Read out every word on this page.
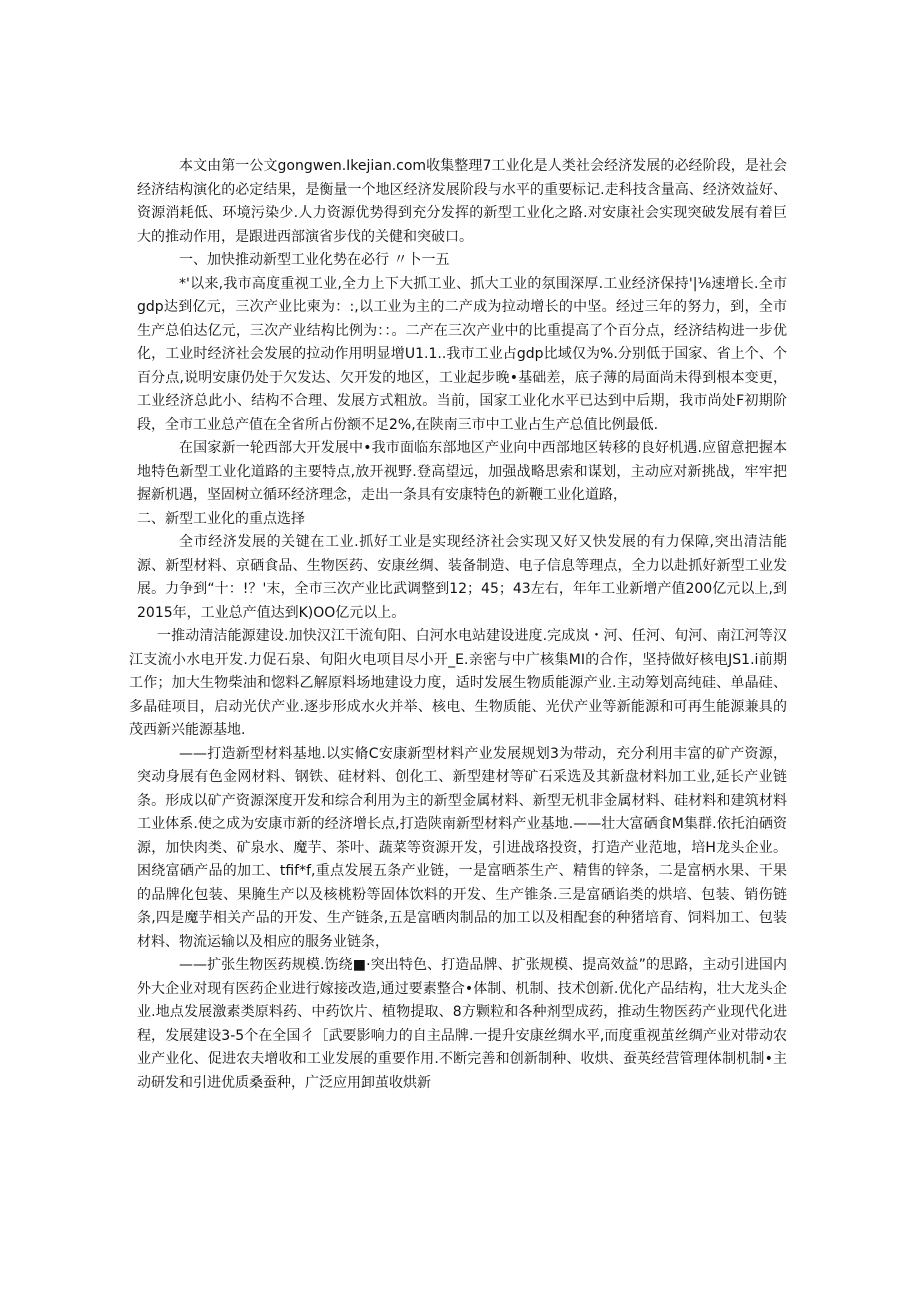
本文由第一公文gongwen.Ikejian.com收集整理7工业化是人类社会经济发展的必经阶段，是社会经济结构演化的必定结果，是衡量一个地区经济发展阶段与水平的重要标记.走科技含量高、经济效益好、资源消耗低、环境污染少.人力资源优势得到充分发挥的新型工业化之路.对安康社会实现突破发展有着巨大的推动作用，是跟进西部演省步伐的关健和突破口。

一、加快推动新型工业化势在必行 〃卜一五

*'以来,我市高度重视工业,全力上下大抓工业、抓大工业的氛围深厚.工业经济保持'|⅛速增长.全市gdp达到亿元，三次产业比柬为：:,以工业为主的二产成为拉动增长的中坚。经过三年的努力，到，全市生产总伯达亿元，三次产业结构比例为：：。二产在三次产业中的比重提高了个百分点，经济结构进一步优化，工业时经济社会发展的拉动作用明显增U1.1..我市工业占gdp比域仅为%.分别低于国家、省上个、个百分点,说明安康仍处于欠发达、欠开发的地区，工业起步晚•基础差，底子薄的局面尚未得到根本变更，工业经济总此小、结构不合理、发展方式粗放。当前，国家工业化水平已达到中后期，我市尚处F初期阶段，全市工业总产值在全省所占份额不足2%,在陕南三市中工业占生产总值比例最低.

在国家新一轮西部大开发展中•我市面临东部地区产业向中西部地区转移的良好机遇.应留意把握本地特色新型工业化道路的主要特点,放开视野.登高望远，加强战略思索和谋划，主动应对新挑战，牢牢把握新机遇，坚固树立循环经济理念，走出一条具有安康特色的新鞭工业化道路，

二、新型工业化的重点选择

全市经济发展的关键在工业.抓好工业是实现经济社会实现又好又快发展的有力保障,突出清洁能源、新型材料、京硒食品、生物医药、安康丝绸、装备制造、电子信息等理点，全力以赴抓好新型工业发展。力争到“十：!？'末，全市三次产业比武调整到12；45；43左右，年年工业新增产值200亿元以上,到2015年，工业总产值达到K)OO亿元以上。

一推动清洁能源建设.加快汉江干流旬阳、白河水电站建设进度.完成岚・河、任河、旬河、南江河等汉江支流小水电开发.力促石泉、旬阳火电项目尽小开_E.亲密与中广核集MI的合作，坚持做好核电JS1.i前期工作；加大生物柴油和惚料乙解原料场地建设力度，适时发展生物质能源产业.主动筹划高纯硅、单晶硅、多晶硅项目，启动光伏产业.逐步形成水火并举、核电、生物质能、光伏产业等新能源和可再生能源兼具的茂西新兴能源基地.

——打造新型材料基地.以实脩C安康新型材料产业发展规划3为带动，充分利用丰富的矿产资源，突动身展有色金网材料、钢铁、硅材料、创化工、新型建材等矿石采选及其新盘材料加工业,延长产业链条。形成以矿产资源深度开发和综合利用为主的新型金属材料、新型无机非金属材料、硅材料和建筑材料工业体系.使之成为安康市新的经济增长点,打造陕南新型材料产业基地.——壮大富硒食M集群.依托泊硒资源，加快肉类、矿泉水、魔芋、茶叶、蔬菜等资源开发，引进战珞投资，打造产业范地，培H龙头企业。困绕富硒产品的加工、tfif*f,重点发展五条产业链，一是富晒茶生产、精售的锌条，二是富柄水果、干果的品牌化包装、果腌生产以及核桃粉等固体饮料的开发、生产锥条.三是富硒谄类的烘培、包装、销伤链条,四是魔芋相关产品的开发、生产链条,五是富晒肉制品的加工以及相配套的种猪培育、饲料加工、包装材料、物流运输以及相应的服务业链条，

——扩张生物医药规模.饬绕■·突出特色、打造品牌、扩张规模、提高效益”的思路，主动引进国内外大企业对现有医药企业进行嫁接改造,通过要素整合•体制、机制、技术创新.优化产品结构，壮大龙头企业.地点发展激素类原料药、中药饮片、植物提取、8方颗粒和各种剂型成药，推动生物医药产业现代化进程，发展建设3-5个在全国彳［武要影响力的自主品牌.一提升安康丝绸水平,而度重视茧丝绸产业对带动农业产业化、促进农夫增收和工业发展的重要作用.不断完善和创新制种、收烘、蚕英经营管理体制机制•主动研发和引进优质桑蚕种，广泛应用卸茧收烘新
